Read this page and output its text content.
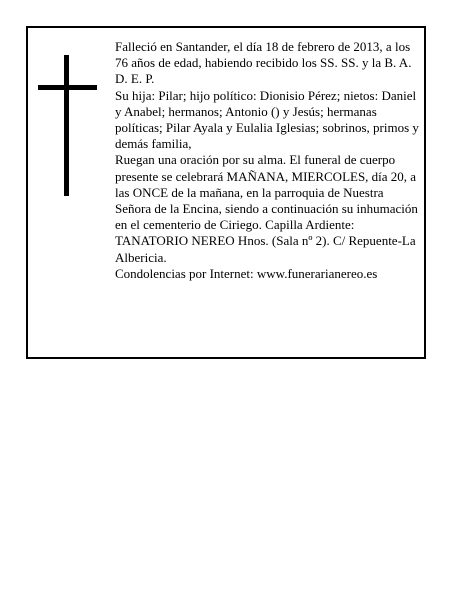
Falleció en Santander, el día 18 de febrero de 2013, a los 76 años de edad, habiendo recibido los SS. SS. y la B. A.

D. E. P.

Su hija: Pilar; hijo político: Dionisio Pérez; nietos: Daniel y Anabel; hermanos; Antonio () y Jesús; hermanas políticas; Pilar Ayala y Eulalia Iglesias; sobrinos, primos y demás familia,

Ruegan una oración por su alma. El funeral de cuerpo presente se celebrará MAÑANA, MIERCOLES, día 20, a las ONCE de la mañana, en la parroquia de Nuestra Señora de la Encina, siendo a continuación su inhumación en el cementerio de Ciriego. Capilla Ardiente: TANATORIO NEREO Hnos. (Sala nº 2). C/ Repuente-La Albericia.

Condolencias por Internet: www.funerarianereo.es
